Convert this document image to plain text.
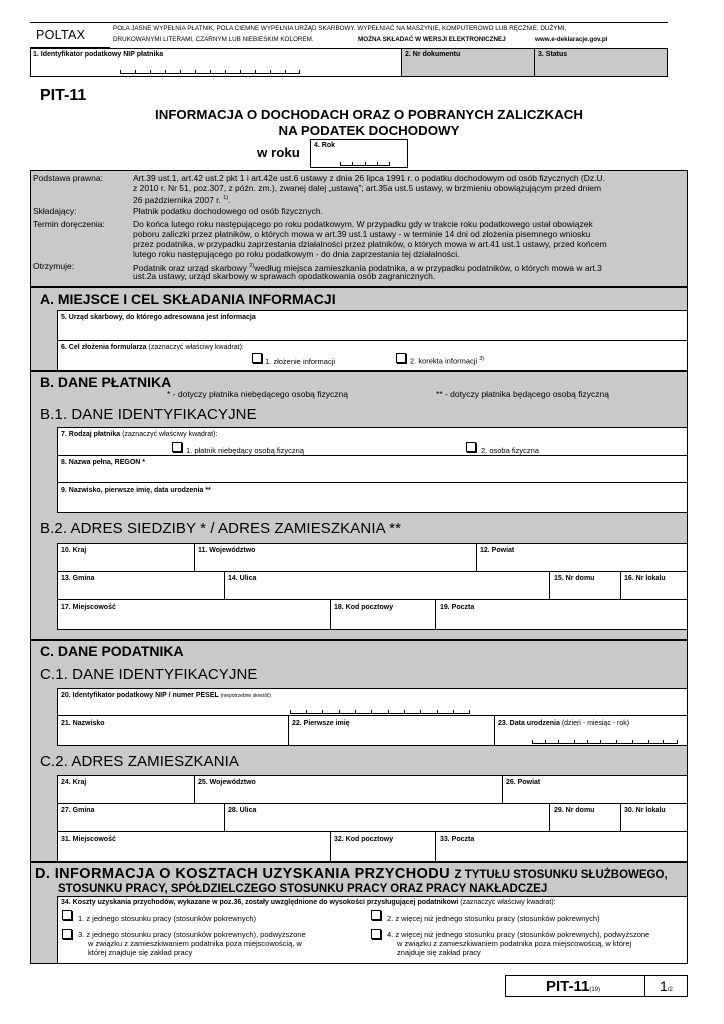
POLTAX	POLA JASNE WYPEŁNIA PŁATNIK, POLA CIEMNE WYPEŁNIA URZĄD SKARBOWY. WYPEŁNIAĆ NA MASZYNIE, KOMPUTEROWO LUB RĘCZNIE, DUŻYMI,
DRUKOWANYMI LITERAMI, CZARNYM LUB NIEBIESKIM KOLOREM.	MOŻNA SKŁADAĆ W WERSJI ELEKTRONICZNEJ	www.e-deklaracje.gov.pl
1. Identyfikator podatkowy NIP płatnika	2. Nr dokumentu	3. Status
PIT-11
INFORMACJA O DOCHODACH ORAZ O POBRANYCH ZALICZKACH
NA PODATEK DOCHODOWY
w roku 4. Rok
Podstawa prawna:	Art.39 ust.1, art.42 ust.2 pkt 1 i art.42e ust.6 ustawy z dnia 26 lipca 1991 r. o podatku dochodowym od osób fizycznych (Dz.U.
z 2010 r. Nr 51, poz.307, z późn. zm.), zwanej dalej „ustawą”; art.35a ust.5 ustawy, w brzmieniu obowiązującym przed dniem
26 października 2007 r. $^{1)}$.
Składający:	Płatnik podatku dochodowego od osób fizycznych.
Termin doręczenia:	Do końca lutego roku następującego po roku podatkowym. W przypadku gdy w trakcie roku podatkowego ustał obowiązek
poboru zaliczki przez płatników, o których mowa w art.39 ust.1 ustawy - w terminie 14 dni od złożenia pisemnego wniosku
przez podatnika, w przypadku zaprzestania działalności przez płatników, o których mowa w art.41 ust.1 ustawy, przed końcem
lutego roku następującego po roku podatkowym - do dnia zaprzestania tej działalności.
Otrzymuje:	Podatnik oraz urząd skarbowy $^{2)}$według miejsca zamieszkania podatnika, a w przypadku podatników, o których mowa w art.3
ust.2a ustawy, urząd skarbowy w sprawach opodatkowania osób zagranicznych.
A. MIEJSCE I CEL SKŁADANIA INFORMACJI
5. Urząd skarbowy, do którego adresowana jest informacja
6. Cel złożenia formularza (zaznaczyć właściwy kwadrat):
1. złożenie informacji	2. korekta informacji $^{3)}$
B. DANE PŁATNIKA
* - dotyczy płatnika niebędącego osobą fizyczną	** - dotyczy płatnika będącego osobą fizyczną
B.1. DANE IDENTYFIKACYJNE
7. Rodzaj płatnika (zaznaczyć właściwy kwadrat):
1. płatnik niebędący osobą fizyczną	2. osoba fizyczna
8. Nazwa pełna, REGON *
9. Nazwisko, pierwsze imię, data urodzenia **
B.2. ADRES SIEDZIBY * / ADRES ZAMIESZKANIA **
10. Kraj	11. Województwo	12. Powiat
13. Gmina	14. Ulica	15. Nr domu	16. Nr lokalu
17. Miejscowość	18. Kod pocztowy	19. Poczta
C. DANE PODATNIKA
C.1. DANE IDENTYFIKACYJNE
20. Identyfikator podatkowy NIP / numer PESEL (niepotrzebne skreślić)
21. Nazwisko	22. Pierwsze imię	23. Data urodzenia (dzień - miesiąc - rok)
C.2. ADRES ZAMIESZKANIA
24. Kraj	25. Województwo	26. Powiat
27. Gmina	28. Ulica	29. Nr domu	30. Nr lokalu
31. Miejscowość	32. Kod pocztowy	33. Poczta
D. INFORMACJA O KOSZTACH UZYSKANIA PRZYCHODU Z TYTUŁU STOSUNKU SŁUŻBOWEGO,
STOSUNKU PRACY, SPÓŁDZIELCZEGO STOSUNKU PRACY ORAZ PRACY NAKŁADCZEJ
34. Koszty uzyskania przychodów, wykazane w poz.36, zostały uwzględnione do wysokości przysługującej podatnikowi (zaznaczyć właściwy kwadrat):
1. z jednego stosunku pracy (stosunków pokrewnych)	2. z więcej niż jednego stosunku pracy (stosunków pokrewnych)
3. z jednego stosunku pracy (stosunków pokrewnych), podwyższone
w związku z zamieszkiwaniem podatnika poza miejscowością, w
której znajduje się zakład pracy
4. z więcej niż jednego stosunku pracy (stosunków pokrewnych), podwyższone
w związku z zamieszkiwaniem podatnika poza miejscowością, w której
znajduje się zakład pracy
PIT-11(19)	1/2
